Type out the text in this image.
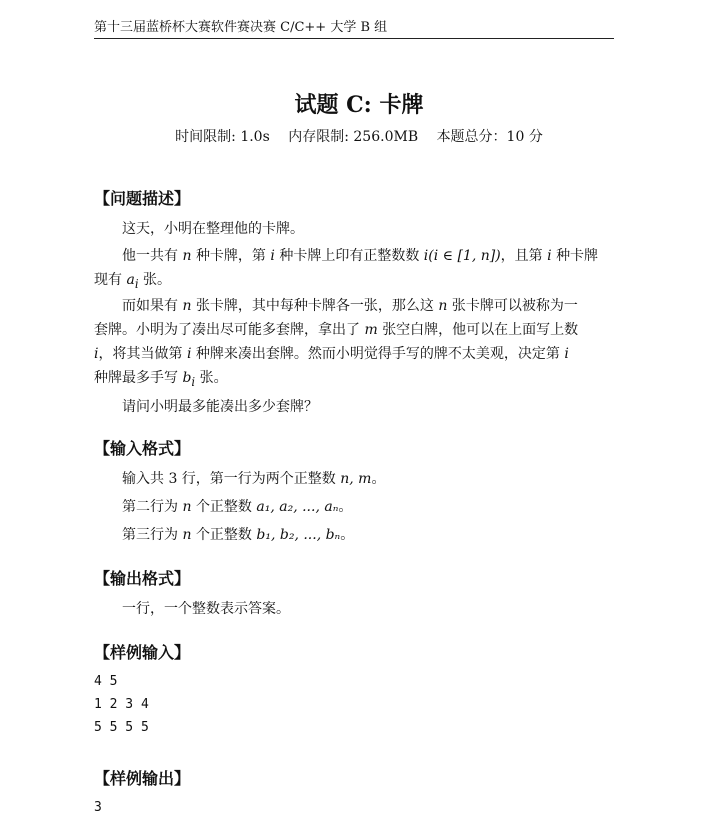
第十三届蓝桥杯大赛软件赛决赛 C/C++ 大学 B 组
试题 C: 卡牌
时间限制: 1.0s 内存限制: 256.0MB 本题总分：10 分
【问题描述】
这天，小明在整理他的卡牌。
他一共有 n 种卡牌，第 i 种卡牌上印有正整数数 i(i ∈ [1, n])，且第 i 种卡牌
现有 $a_i$ 张。
而如果有 n 张卡牌，其中每种卡牌各一张，那么这 n 张卡牌可以被称为一
套牌。小明为了凑出尽可能多套牌，拿出了 m 张空白牌，他可以在上面写上数
i，将其当做第 i 种牌来凑出套牌。然而小明觉得手写的牌不太美观，决定第 i
种牌最多手写 $b_i$ 张。
请问小明最多能凑出多少套牌？
【输入格式】
输入共 3 行，第一行为两个正整数 n, m。
第二行为 n 个正整数 a₁, a₂, ..., aₙ。
第三行为 n 个正整数 b₁, b₂, ..., bₙ。
【输出格式】
一行，一个整数表示答案。
【样例输入】
4 5
1 2 3 4
5 5 5 5
【样例输出】
3
